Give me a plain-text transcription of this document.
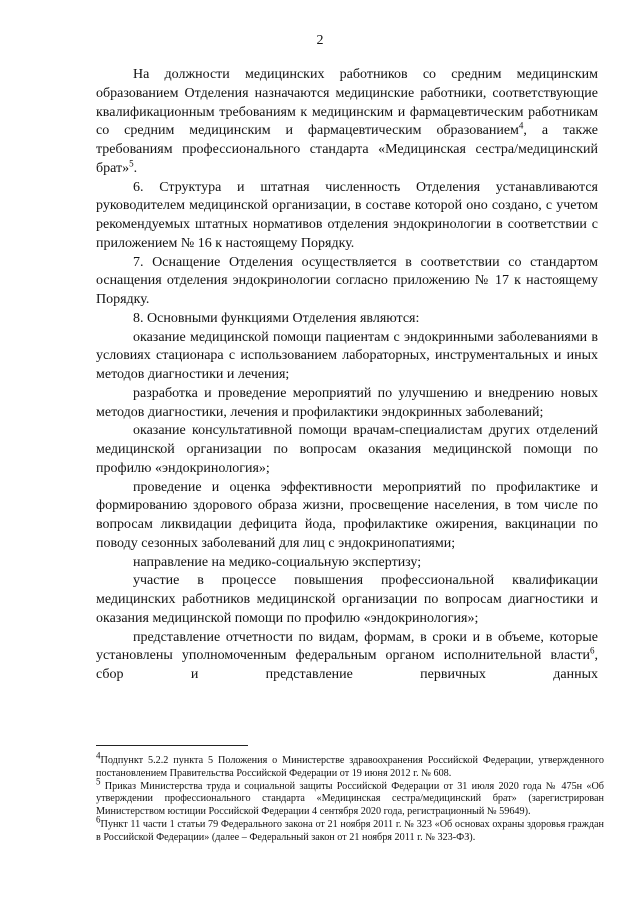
2

На должности медицинских работников со средним медицинским образованием Отделения назначаются медицинские работники, соответствующие квалификационным требованиям к медицинским и фармацевтическим работникам со средним медицинским и фармацевтическим образованием$^4$, а также требованиям профессионального стандарта «Медицинская сестра/медицинский брат»$^5$.

6. Структура и штатная численность Отделения устанавливаются руководителем медицинской организации, в составе которой оно создано, с учетом рекомендуемых штатных нормативов отделения эндокринологии в соответствии с приложением № 16 к настоящему Порядку.

7. Оснащение Отделения осуществляется в соответствии со стандартом оснащения отделения эндокринологии согласно приложению № 17 к настоящему Порядку.

8. Основными функциями Отделения являются:

оказание медицинской помощи пациентам с эндокринными заболеваниями в условиях стационара с использованием лабораторных, инструментальных и иных методов диагностики и лечения;

разработка и проведение мероприятий по улучшению и внедрению новых методов диагностики, лечения и профилактики эндокринных заболеваний;

оказание консультативной помощи врачам-специалистам других отделений медицинской организации по вопросам оказания медицинской помощи по профилю «эндокринология»;

проведение и оценка эффективности мероприятий по профилактике и формированию здорового образа жизни, просвещение населения, в том числе по вопросам ликвидации дефицита йода, профилактике ожирения, вакцинации по поводу сезонных заболеваний для лиц с эндокринопатиями;

направление на медико-социальную экспертизу;

участие в процессе повышения профессиональной квалификации медицинских работников медицинской организации по вопросам диагностики и оказания медицинской помощи по профилю «эндокринология»;

представление отчетности по видам, формам, в сроки и в объеме, которые установлены уполномоченным федеральным органом исполнительной власти$^6$, сбор и представление первичных данных

$^4$Подпункт 5.2.2 пункта 5 Положения о Министерстве здравоохранения Российской Федерации, утвержденного постановлением Правительства Российской Федерации от 19 июня 2012 г. № 608.

$^5$ Приказ Министерства труда и социальной защиты Российской Федерации от 31 июля 2020 года № 475н «Об утверждении профессионального стандарта «Медицинская сестра/медицинский брат» (зарегистрирован Министерством юстиции Российской Федерации 4 сентября 2020 года, регистрационный № 59649).

$^6$Пункт 11 части 1 статьи 79 Федерального закона от 21 ноября 2011 г. № 323 «Об основах охраны здоровья граждан в Российской Федерации» (далее – Федеральный закон от 21 ноября 2011 г. № 323-ФЗ).
